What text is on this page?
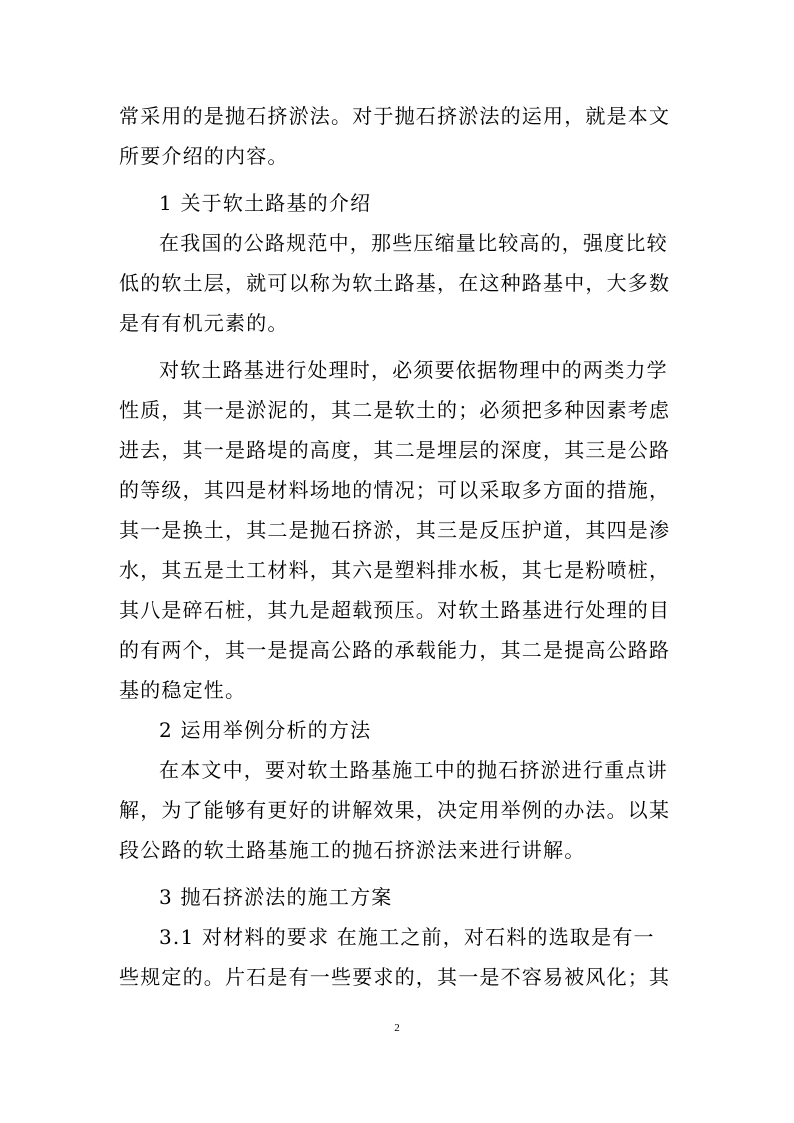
常采用的是抛石挤淤法。对于抛石挤淤法的运用，就是本文

所要介绍的内容。

1 关于软土路基的介绍

在我国的公路规范中，那些压缩量比较高的，强度比较

低的软土层，就可以称为软土路基，在这种路基中，大多数

是有有机元素的。

对软土路基进行处理时，必须要依据物理中的两类力学

性质，其一是淤泥的，其二是软土的；必须把多种因素考虑

进去，其一是路堤的高度，其二是埋层的深度，其三是公路

的等级，其四是材料场地的情况；可以采取多方面的措施，

其一是换土，其二是抛石挤淤，其三是反压护道，其四是渗

水，其五是土工材料，其六是塑料排水板，其七是粉喷桩，

其八是碎石桩，其九是超载预压。对软土路基进行处理的目

的有两个，其一是提高公路的承载能力，其二是提高公路路

基的稳定性。

2 运用举例分析的方法

在本文中，要对软土路基施工中的抛石挤淤进行重点讲

解，为了能够有更好的讲解效果，决定用举例的办法。以某

段公路的软土路基施工的抛石挤淤法来进行讲解。

3 抛石挤淤法的施工方案

3.1 对材料的要求 在施工之前，对石料的选取是有一

些规定的。片石是有一些要求的，其一是不容易被风化；其

2
